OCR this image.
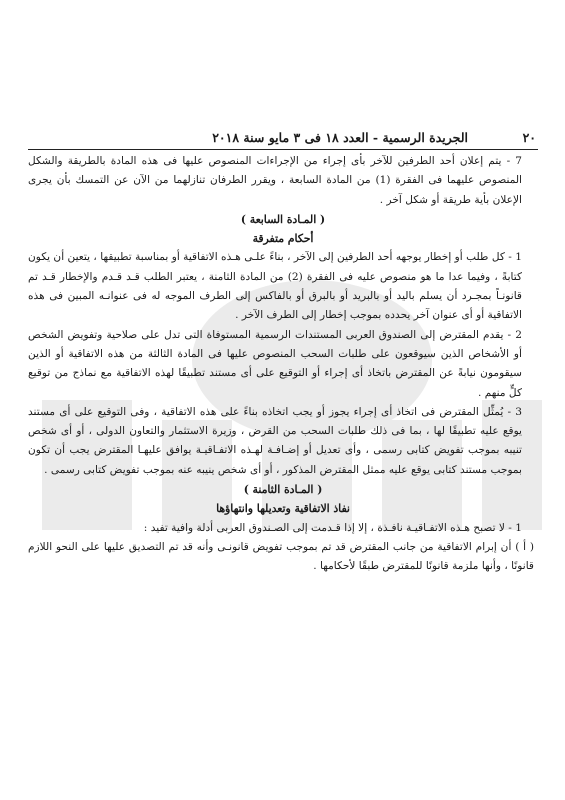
٢٠
الجريدة الرسمية - العدد ١٨ فى ٣ مايو سنة ٢٠١٨

7 - يتم إعلان أحد الطرفين للآخر بأى إجراء من الإجراءات المنصوص عليها فى هذه المادة بالطريقة والشكل المنصوص عليهما فى الفقرة (1) من المادة السابعة ، ويقرر الطرفان تنازلهما من الآن عن التمسك بأن يجرى الإعلان بأية طريقة أو شكل آخر .

( المـادة السابعة )

أحكام متفرقة

1 - كل طلب أو إخطار يوجهه أحد الطرفين إلى الآخر ، بناءً علـى هـذه الاتفاقية أو بمناسبة تطبيقها ، يتعين أن يكون كتابةً ، وفيما عدا ما هو منصوص عليه فى الفقرة (2) من المادة الثامنة ، يعتبر الطلب قـد قـدم والإخطار قـد تم قانونـاً بمجـرد أن يسلم باليد أو بالبريد أو بالبرق أو بالفاكس إلى الطرف الموجه له فى عنوانـه المبين فى هذه الاتفاقية أو أى عنوان آخر يحدده بموجب إخطار إلى الطرف الآخر .

2 - يقدم المقترض إلى الصندوق العربى المستندات الرسمية المستوفاة التى تدل على صلاحية وتفويض الشخص أو الأشخاص الذين سيوقعون على طلبات السحب المنصوص عليها فى المادة الثالثة من هذه الاتفاقية أو الذين سيقومون نيابةً عن المقترض باتخاذ أى إجراء أو التوقيع على أى مستند تطبيقًا لهذه الاتفاقية مع نماذج من توقيع كلٍّ منهم .

3 - يُمثِّل المقترض فى اتخاذ أى إجراء يجوز أو يجب اتخاذه بناءً على هذه الاتفاقية ، وفى التوقيع على أى مستند يوقع عليه تطبيقًا لها ، بما فى ذلك طلبات السحب من القرض ، وزيرة الاستثمار والتعاون الدولى ، أو أى شخص تنيبه بموجب تفويض كتابى رسمى ، وأى تعديل أو إضـافـة لهـذه الاتفـاقيـة يوافق عليهـا المقترض يجب أن تكون بموجب مستند كتابى يوقع عليه ممثل المقترض المذكور ، أو أى شخص ينيبه عنه بموجب تفويض كتابى رسمى .

( المـادة الثامنة )

نفاذ الاتفاقية وتعديلها وانتهاؤها

1 - لا تصبح هـذه الاتفـاقيـة نافـذة ، إلا إذا قـدمت إلى الصـندوق العربى أدلة وافية تفيد :

( أ ) أن إبرام الاتفاقية من جانب المقترض قد تم بموجب تفويض قانونـى وأنه قد تم التصديق عليها على النحو اللازم قانونًا ، وأنها ملزمة قانونًا للمقترض طبقًا لأحكامها .
